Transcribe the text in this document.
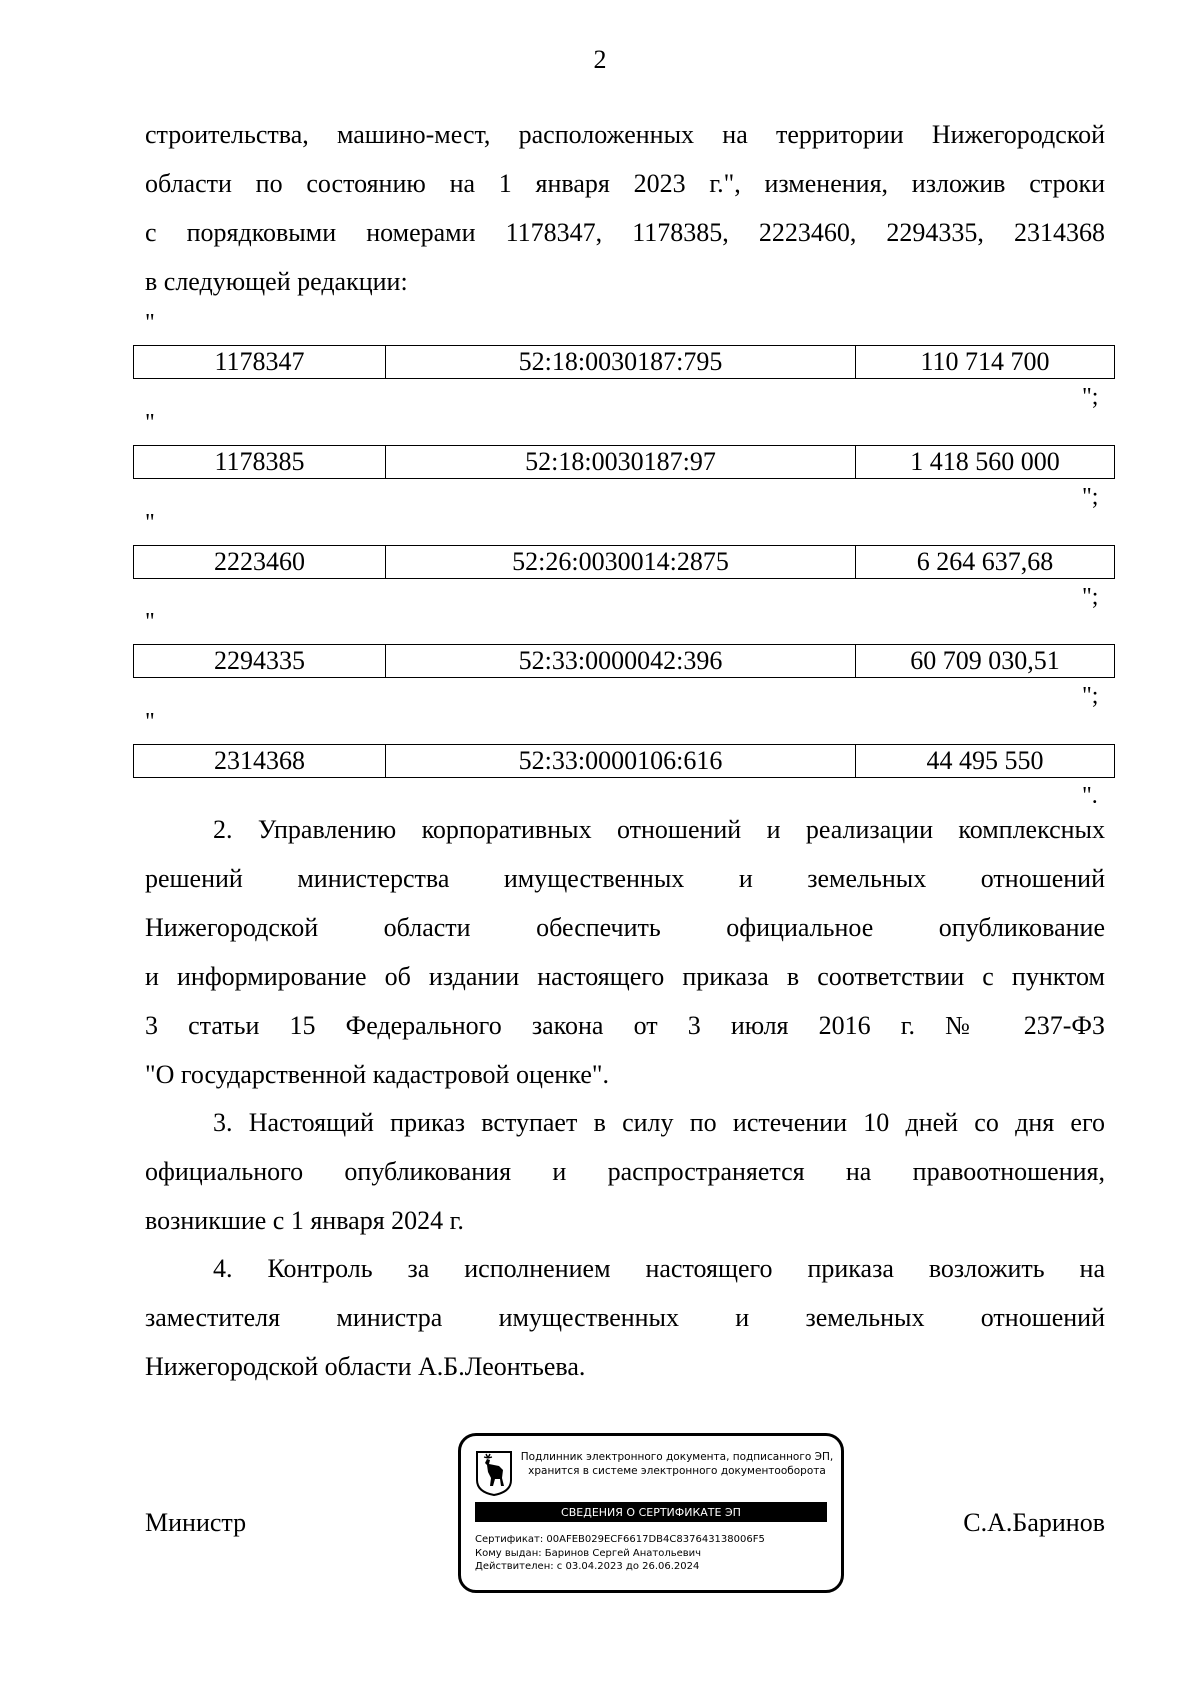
2
строительства, машино-мест, расположенных на территории Нижегородской
области по состоянию на 1 января 2023 г.", изменения, изложив строки
с порядковыми номерами 1178347, 1178385, 2223460, 2294335, 2314368
в следующей редакции:
"
1178347	52:18:0030187:795	110 714 700
";
"
1178385	52:18:0030187:97	1 418 560 000
";
"
2223460	52:26:0030014:2875	6 264 637,68
";
"
2294335	52:33:0000042:396	60 709 030,51
";
"
2314368	52:33:0000106:616	44 495 550
".
2. Управлению корпоративных отношений и реализации комплексных
решений министерства имущественных и земельных отношений
Нижегородской области обеспечить официальное опубликование
и информирование об издании настоящего приказа в соответствии с пунктом
3 статьи 15 Федерального закона от 3 июля 2016 г. № 237-ФЗ
"О государственной кадастровой оценке".
3. Настоящий приказ вступает в силу по истечении 10 дней со дня его
официального опубликования и распространяется на правоотношения,
возникшие с 1 января 2024 г.
4. Контроль за исполнением настоящего приказа возложить на
заместителя министра имущественных и земельных отношений
Нижегородской области А.Б.Леонтьева.
Министр	С.А.Баринов
Подлинник электронного документа, подписанного ЭП,
хранится в системе электронного документооборота
СВЕДЕНИЯ О СЕРТИФИКАТЕ ЭП
Сертификат: 00AFEB029ECF6617DB4C837643138006F5
Кому выдан: Баринов Сергей Анатольевич
Действителен: с 03.04.2023 до 26.06.2024
